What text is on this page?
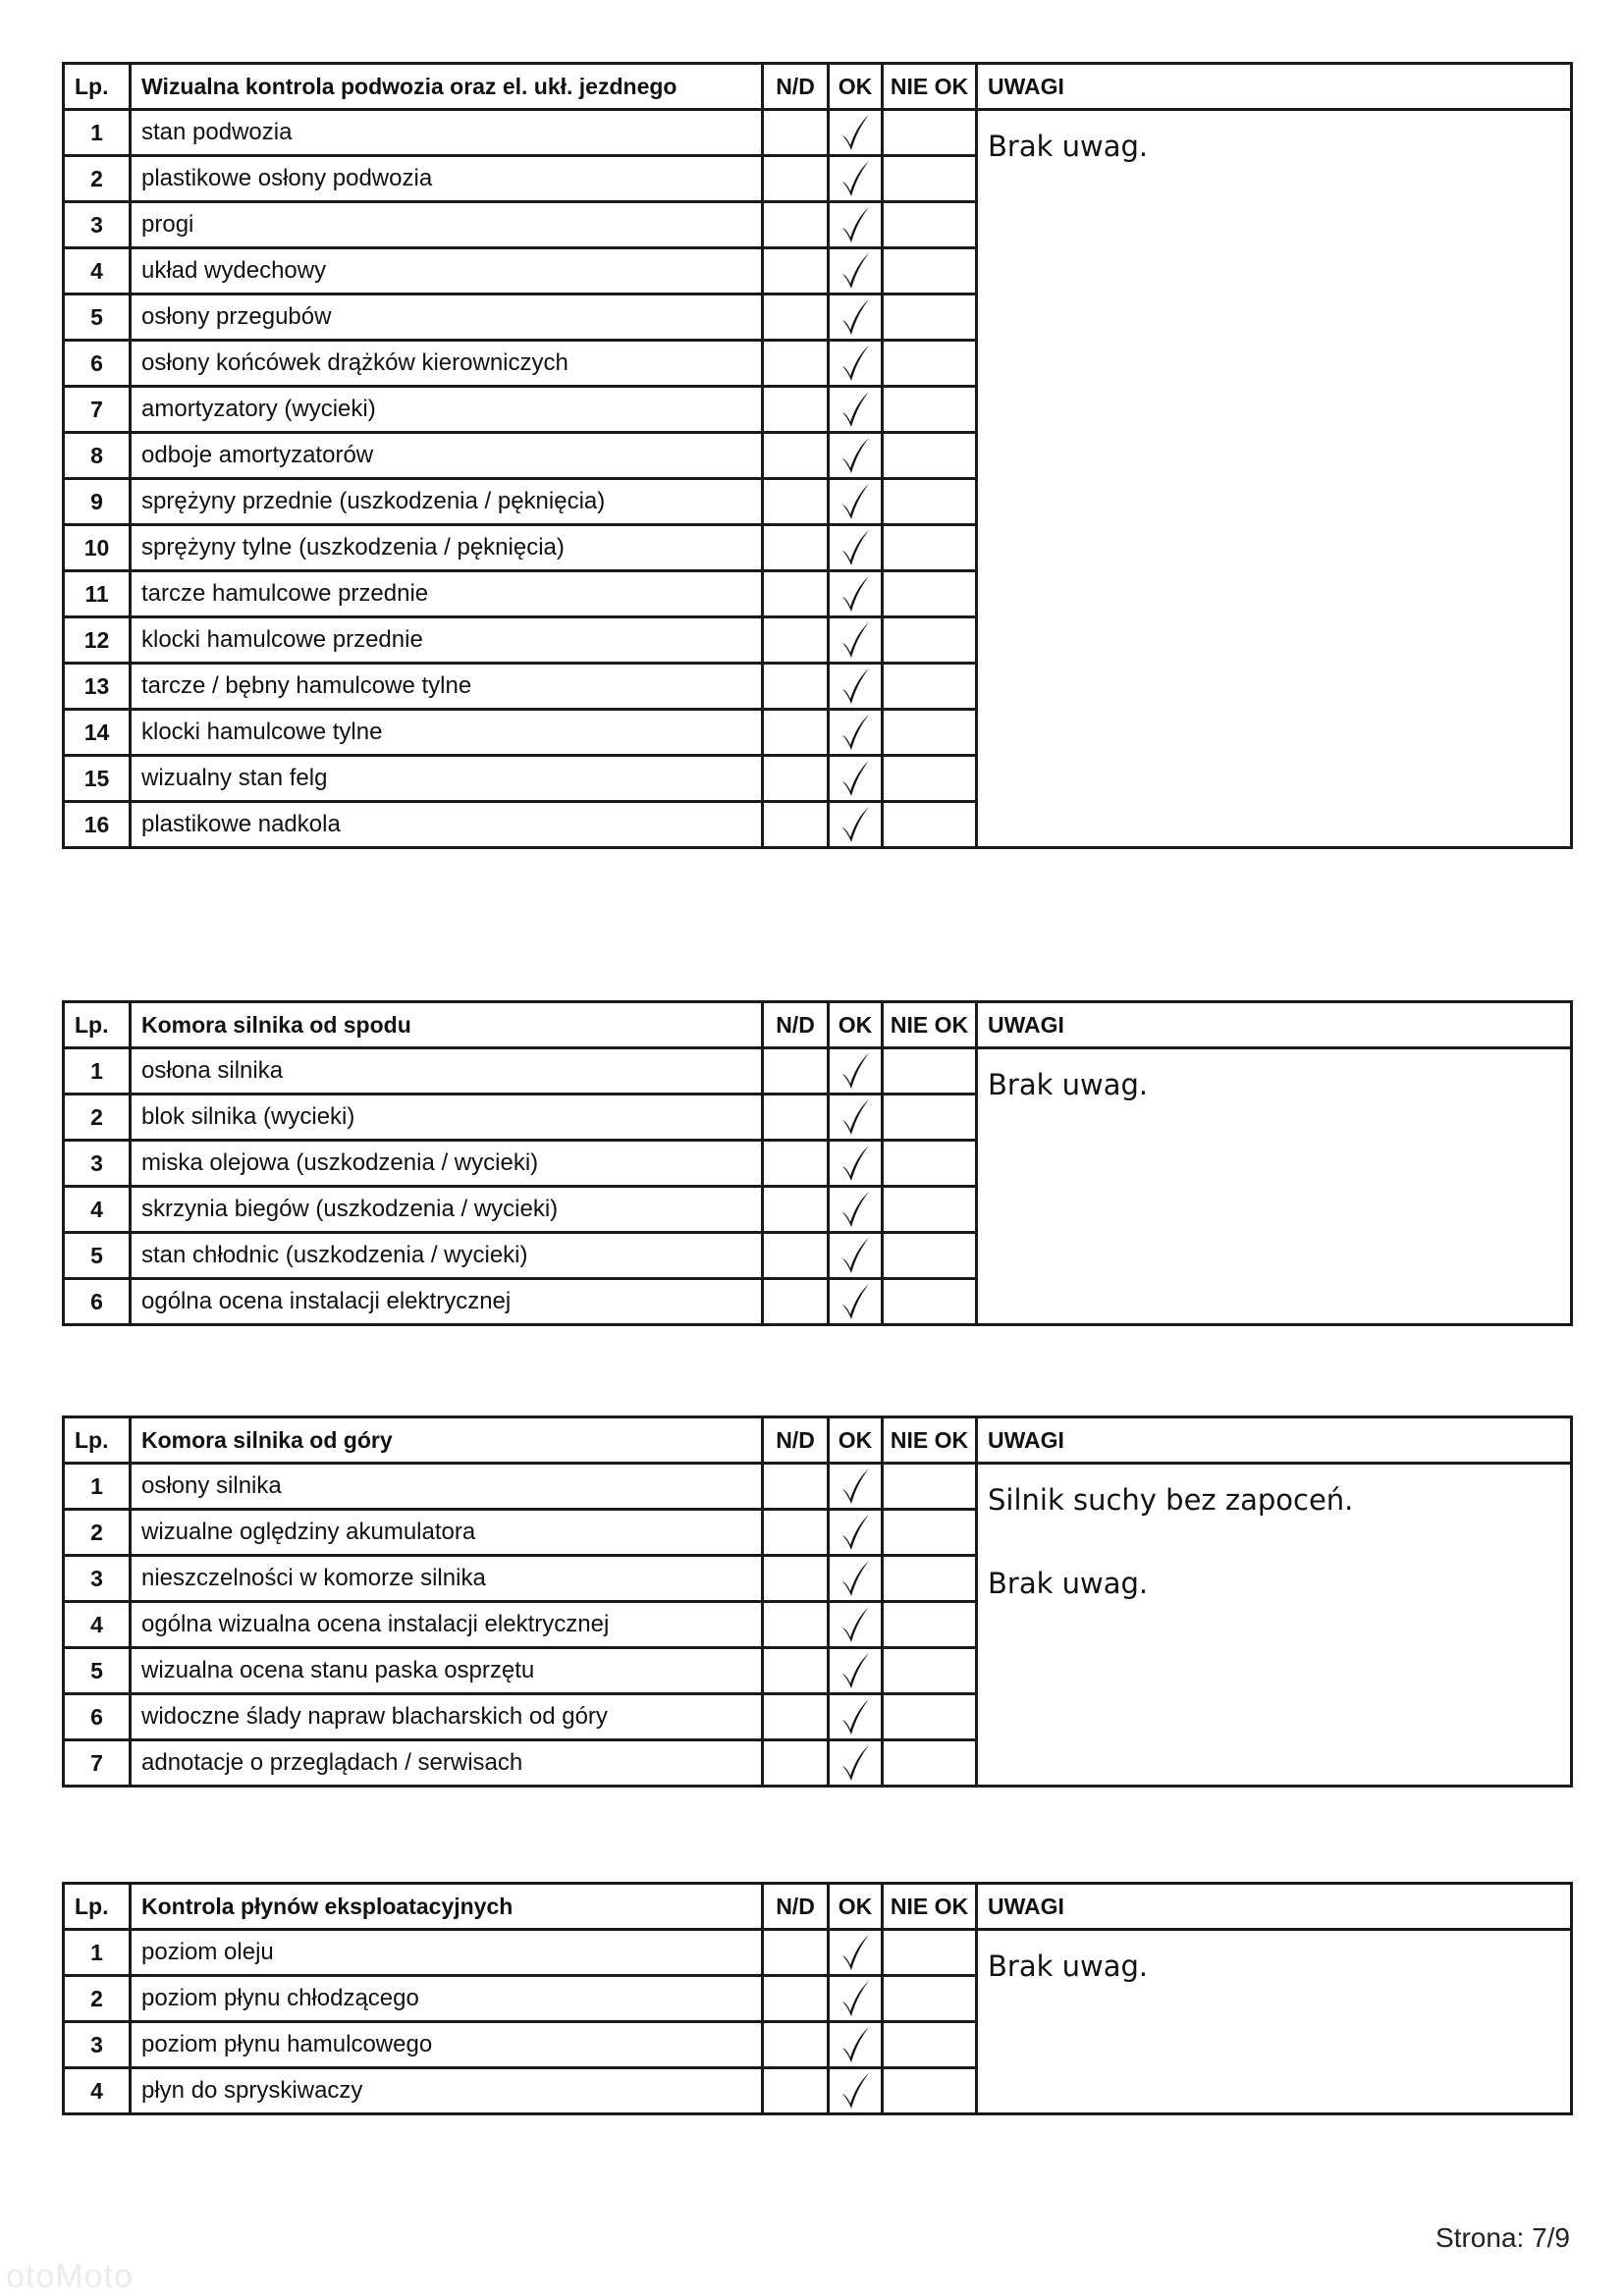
Lp.	Wizualna kontrola podwozia oraz el. ukł. jezdnego	N/D	OK	NIE OK	UWAGI
1	stan podwozia				Brak uwag.

2	plastikowe osłony podwozia			
3	progi			
4	układ wydechowy			
5	osłony przegubów			
6	osłony końcówek drążków kierowniczych			
7	amortyzatory (wycieki)			
8	odboje amortyzatorów			
9	sprężyny przednie (uszkodzenia / pęknięcia)			
10	sprężyny tylne (uszkodzenia / pęknięcia)			
11	tarcze hamulcowe przednie			
12	klocki hamulcowe przednie			
13	tarcze / bębny hamulcowe tylne			
14	klocki hamulcowe tylne			
15	wizualny stan felg			
16	plastikowe nadkola			
Lp.	Komora silnika od spodu	N/D	OK	NIE OK	UWAGI
1	osłona silnika				Brak uwag.

2	blok silnika (wycieki)			
3	miska olejowa (uszkodzenia / wycieki)			
4	skrzynia biegów (uszkodzenia / wycieki)			
5	stan chłodnic (uszkodzenia / wycieki)			
6	ogólna ocena instalacji elektrycznej			
Lp.	Komora silnika od góry	N/D	OK	NIE OK	UWAGI
1	osłony silnika				Silnik suchy bez zapoceń.
Brak uwag.

2	wizualne oględziny akumulatora			
3	nieszczelności w komorze silnika			
4	ogólna wizualna ocena instalacji elektrycznej			
5	wizualna ocena stanu paska osprzętu			
6	widoczne ślady napraw blacharskich od góry			
7	adnotacje o przeglądach / serwisach			
Lp.	Kontrola płynów eksploatacyjnych	N/D	OK	NIE OK	UWAGI
1	poziom oleju				Brak uwag.

2	poziom płynu chłodzącego			
3	poziom płynu hamulcowego			
4	płyn do spryskiwaczy			
Strona: 7/9
otoMoto
